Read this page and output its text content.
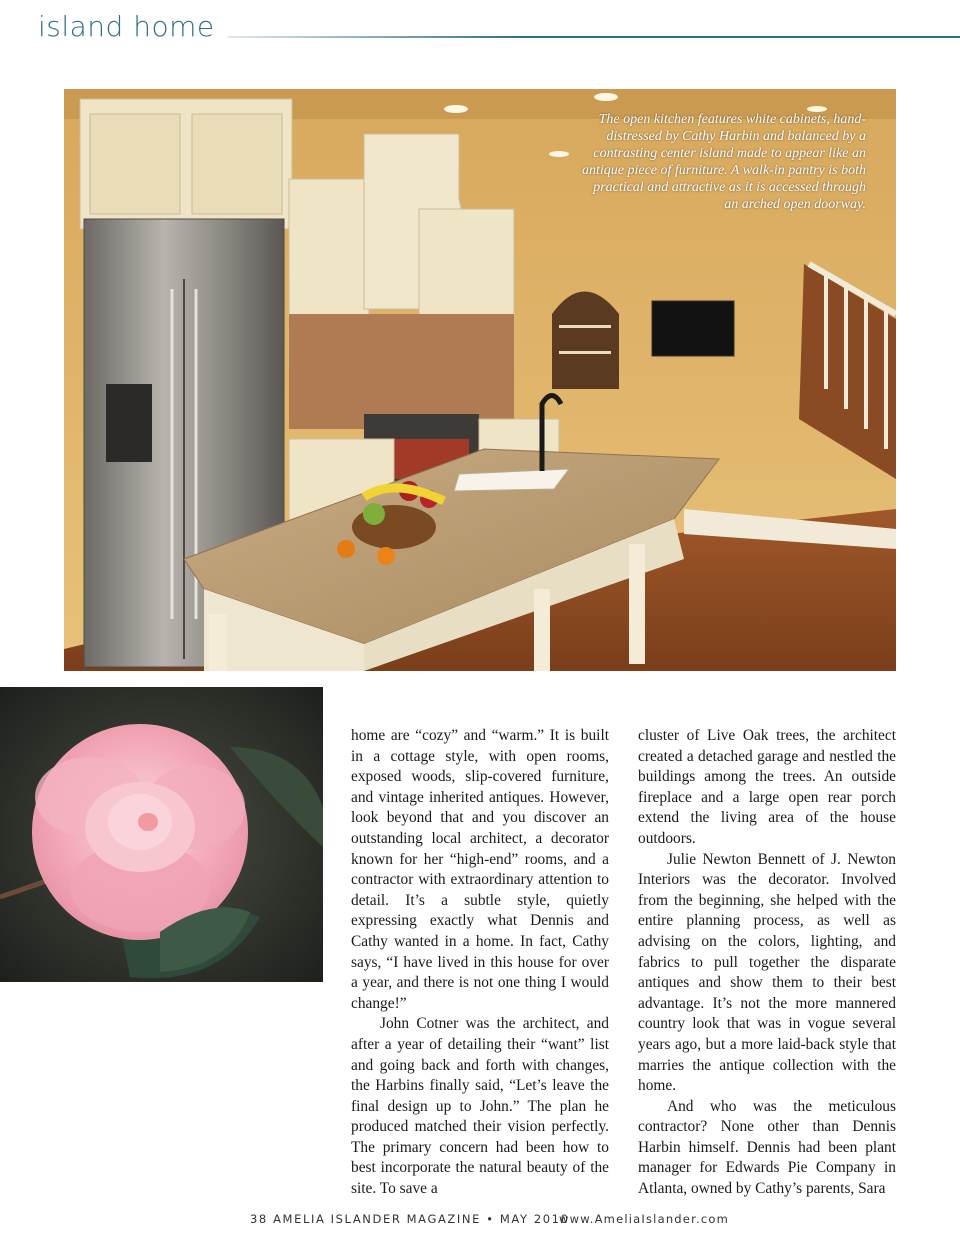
island home
The open kitchen features white cabinets, hand-distressed by Cathy Harbin and balanced by a contrasting center island made to appear like an antique piece of furniture. A walk-in pantry is both practical and attractive as it is accessed through an arched open doorway.

home are “cozy” and “warm.” It is built in a cottage style, with open rooms, exposed woods, slip-covered furniture, and vintage inherited antiques. However, look beyond that and you discover an outstanding local architect, a decorator known for her “high-end” rooms, and a contractor with extraordinary attention to detail. It’s a subtle style, quietly expressing exactly what Dennis and Cathy wanted in a home. In fact, Cathy says, “I have lived in this house for over a year, and there is not one thing I would change!”

John Cotner was the architect, and after a year of detailing their “want” list and going back and forth with changes, the Harbins finally said, “Let’s leave the final design up to John.” The plan he produced matched their vision perfectly. The primary concern had been how to best incorporate the natural beauty of the site. To save a

cluster of Live Oak trees, the architect created a detached garage and nestled the buildings among the trees. An outside fireplace and a large open rear porch extend the living area of the house outdoors.

Julie Newton Bennett of J. Newton Interiors was the decorator. Involved from the beginning, she helped with the entire planning process, as well as advising on the colors, lighting, and fabrics to pull together the disparate antiques and show them to their best advantage. It’s not the more mannered country look that was in vogue several years ago, but a more laid-back style that marries the antique collection with the home.

And who was the meticulous contractor? None other than Dennis Harbin himself. Dennis had been plant manager for Edwards Pie Company in Atlanta, owned by Cathy’s parents, Sara

38 AMELIA ISLANDER MAGAZINE • MAY 2010
www.AmeliaIslander.com
